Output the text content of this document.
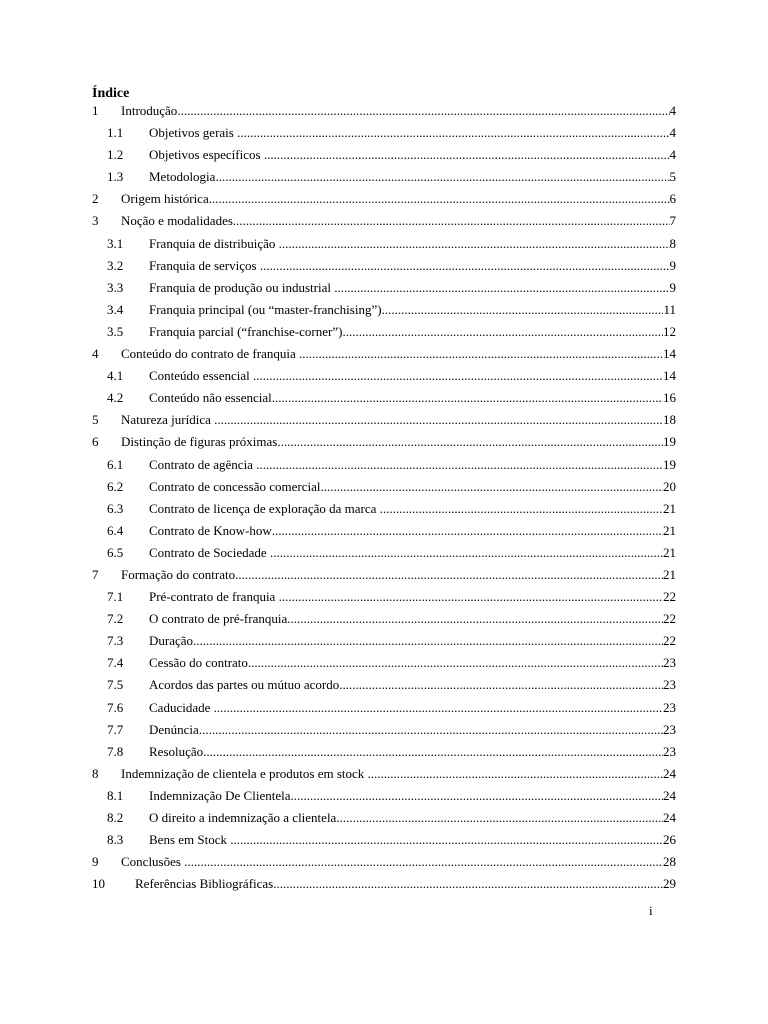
Índice
1 Introdução .....	4
1.1 Objetivos gerais .....	4
1.2 Objetivos específicos .....	4
1.3 Metodologia .....	5
2 Origem histórica .....	6
3 Noção e modalidades .....	7
3.1 Franquia de distribuição .....	8
3.2 Franquia de serviços .....	9
3.3 Franquia de produção ou industrial .....	9
3.4 Franquia principal (ou “master-franchising”) .....	11
3.5 Franquia parcial (“franchise-corner”) .....	12
4 Conteúdo do contrato de franquia .....	14
4.1 Conteúdo essencial .....	14
4.2 Conteúdo não essencial .....	16
5 Natureza jurídica .....	18
6 Distinção de figuras próximas .....	19
6.1 Contrato de agência .....	19
6.2 Contrato de concessão comercial .....	20
6.3 Contrato de licença de exploração da marca .....	21
6.4 Contrato de Know-how .....	21
6.5 Contrato de Sociedade .....	21
7 Formação do contrato .....	21
7.1 Pré-contrato de franquia .....	22
7.2 O contrato de pré-franquia .....	22
7.3 Duração .....	22
7.4 Cessão do contrato .....	23
7.5 Acordos das partes ou mútuo acordo .....	23
7.6 Caducidade .....	23
7.7 Denúncia .....	23
7.8 Resolução .....	23
8 Indemnização de clientela e produtos em stock .....	24
8.1 Indemnização De Clientela .....	24
8.2 O direito a indemnização a clientela .....	24
8.3 Bens em Stock .....	26
9 Conclusões .....	28
10 Referências Bibliográficas .....	29
i
